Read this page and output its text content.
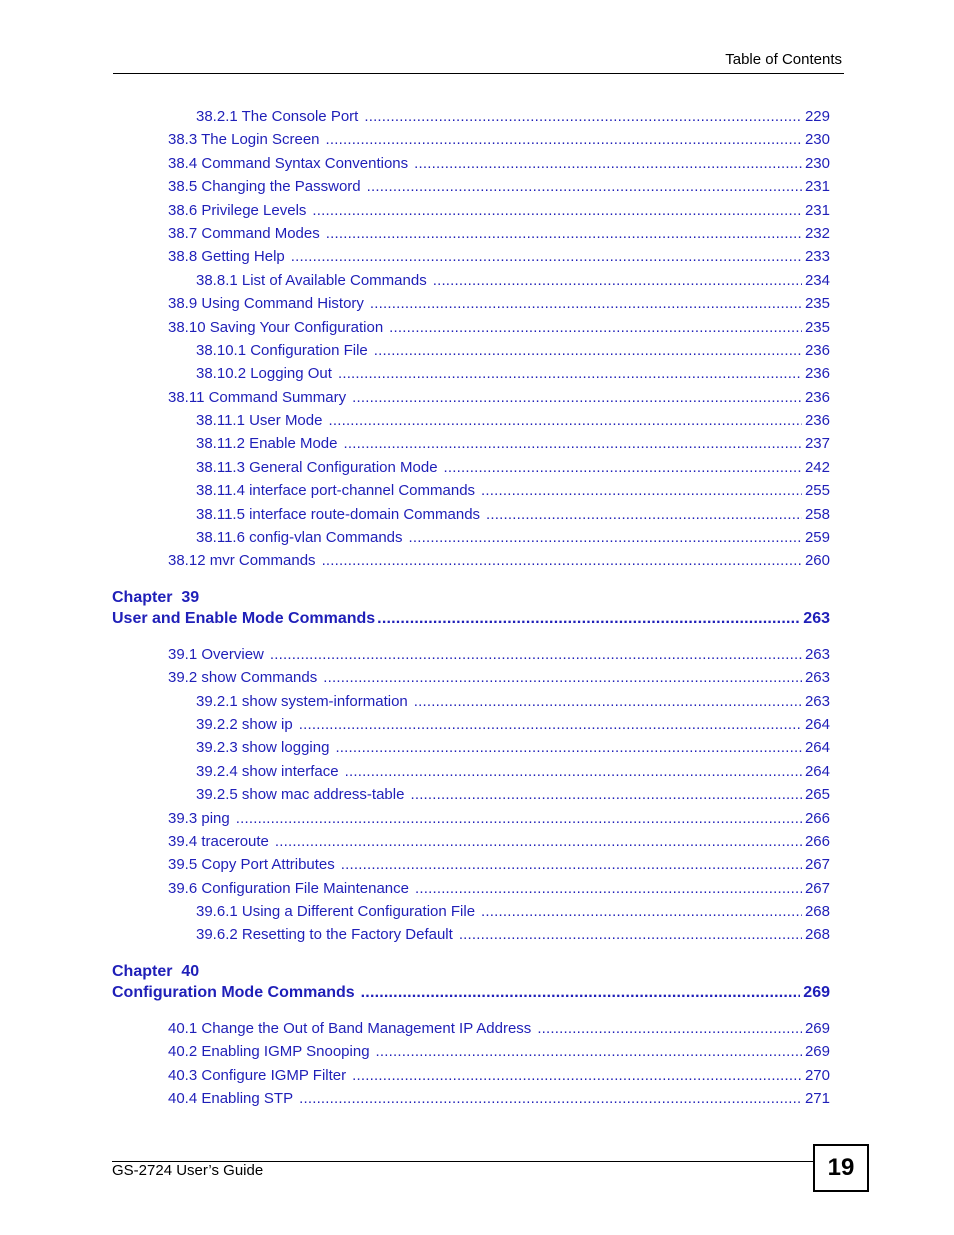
Table of Contents
38.2.1 The Console Port .....	229
38.3 The Login Screen .....	230
38.4 Command Syntax Conventions .....	230
38.5 Changing the Password .....	231
38.6 Privilege Levels .....	231
38.7 Command Modes .....	232
38.8 Getting Help .....	233
38.8.1 List of Available Commands .....	234
38.9 Using Command History .....	235
38.10 Saving Your Configuration .....	235
38.10.1 Configuration File .....	236
38.10.2 Logging Out .....	236
38.11 Command Summary .....	236
38.11.1 User Mode .....	236
38.11.2 Enable Mode .....	237
38.11.3 General Configuration Mode .....	242
38.11.4 interface port-channel Commands .....	255
38.11.5 interface route-domain Commands .....	258
38.11.6 config-vlan Commands .....	259
38.12 mvr Commands .....	260
Chapter  39
User and Enable Mode Commands .....	263
39.1 Overview .....	263
39.2 show Commands .....	263
39.2.1 show system-information .....	263
39.2.2 show ip .....	264
39.2.3 show logging .....	264
39.2.4 show interface .....	264
39.2.5 show mac address-table .....	265
39.3 ping .....	266
39.4 traceroute .....	266
39.5 Copy Port Attributes .....	267
39.6 Configuration File Maintenance .....	267
39.6.1 Using a Different Configuration File .....	268
39.6.2 Resetting to the Factory Default .....	268
Chapter  40
Configuration Mode Commands .....	269
40.1 Change the Out of Band Management IP Address .....	269
40.2 Enabling IGMP Snooping .....	269
40.3 Configure IGMP Filter .....	270
40.4 Enabling STP .....	271
GS-2724 User’s Guide	19
